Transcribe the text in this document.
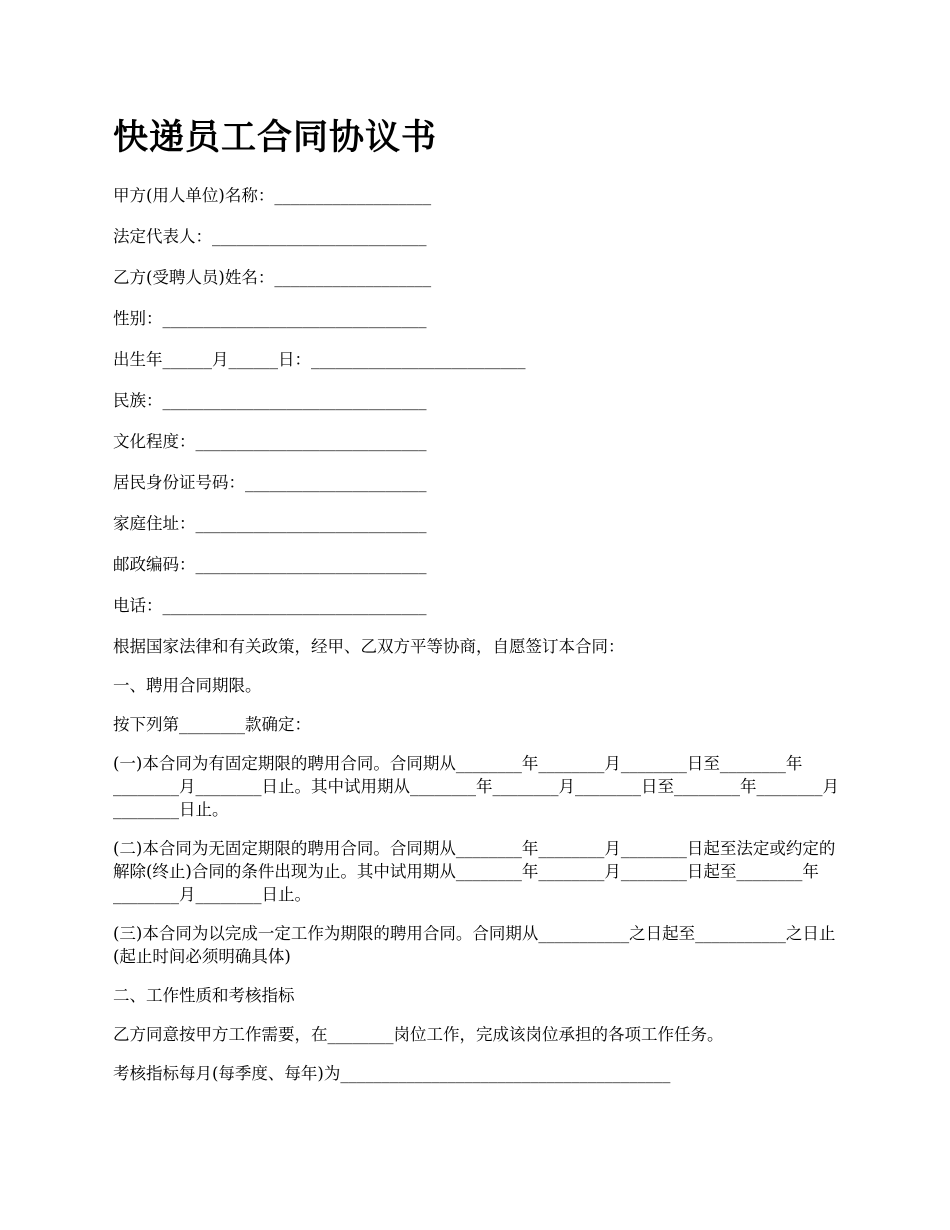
快递员工合同协议书
甲方(用人单位)名称：___________________
法定代表人：__________________________
乙方(受聘人员)姓名：___________________
性别：________________________________
出生年______月______日：__________________________
民族：________________________________
文化程度：____________________________
居民身份证号码：______________________
家庭住址：____________________________
邮政编码：____________________________
电话：________________________________

根据国家法律和有关政策，经甲、乙双方平等协商，自愿签订本合同：

一、聘用合同期限。

按下列第________款确定：

(一)本合同为有固定期限的聘用合同。合同期从________年________月________日至________年________月________日止。其中试用期从________年________月________日至________年________月________日止。

(二)本合同为无固定期限的聘用合同。合同期从________年________月________日起至法定或约定的解除(终止)合同的条件出现为止。其中试用期从________年________月________日起至________年________月________日止。

(三)本合同为以完成一定工作为期限的聘用合同。合同期从___________之日起至___________之日止(起止时间必须明确具体)

二、工作性质和考核指标

乙方同意按甲方工作需要，在________岗位工作，完成该岗位承担的各项工作任务。

考核指标每月(每季度、每年)为________________________________________
